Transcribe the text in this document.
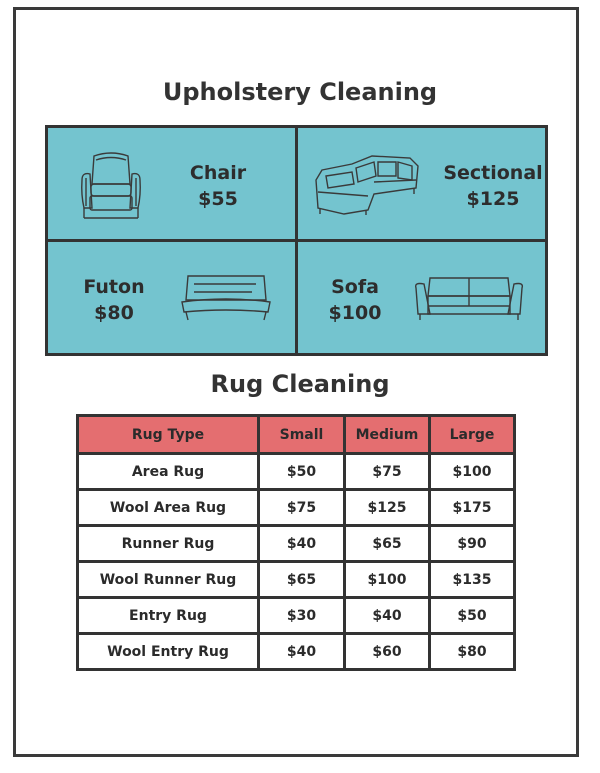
Upholstery Cleaning
Chair
$55
Sectional
$125
Futon
$80
Sofa
$100
Rug Cleaning
Rug Type	Small	Medium	Large
Area Rug	$50	$75	$100
Wool Area Rug	$75	$125	$175
Runner Rug	$40	$65	$90
Wool Runner Rug	$65	$100	$135
Entry Rug	$30	$40	$50
Wool Entry Rug	$40	$60	$80
